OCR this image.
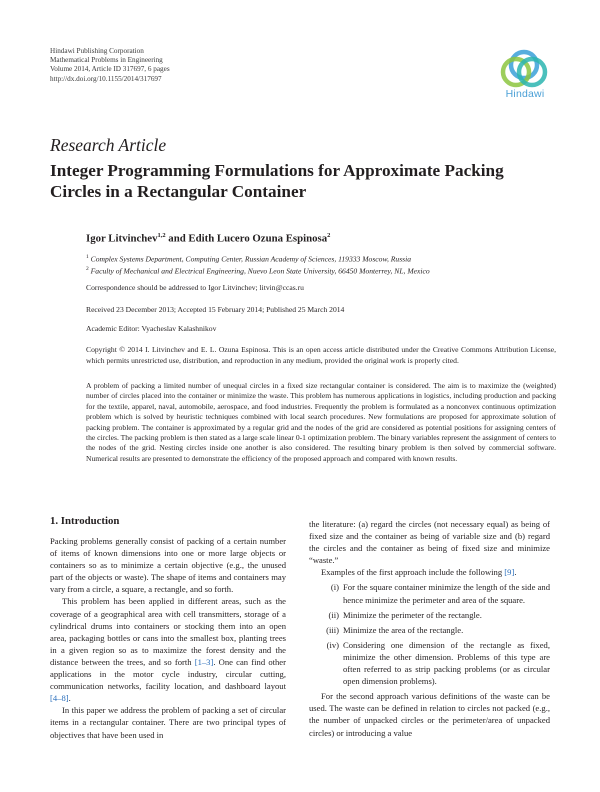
Hindawi Publishing Corporation
Mathematical Problems in Engineering
Volume 2014, Article ID 317697, 6 pages
http://dx.doi.org/10.1155/2014/317697
Hindawi
Research Article
Integer Programming Formulations for Approximate Packing
Circles in a Rectangular Container
Igor Litvinchev$^{1,2}$ and Edith Lucero Ozuna Espinosa$^2$
$^1$ Complex Systems Department, Computing Center, Russian Academy of Sciences, 119333 Moscow, Russia
$^2$ Faculty of Mechanical and Electrical Engineering, Nuevo Leon State University, 66450 Monterrey, NL, Mexico
Correspondence should be addressed to Igor Litvinchev; litvin@ccas.ru
Received 23 December 2013; Accepted 15 February 2014; Published 25 March 2014
Academic Editor: Vyacheslav Kalashnikov
Copyright © 2014 I. Litvinchev and E. L. Ozuna Espinosa. This is an open access article distributed under the Creative Commons Attribution License, which permits unrestricted use, distribution, and reproduction in any medium, provided the original work is properly cited.
A problem of packing a limited number of unequal circles in a fixed size rectangular container is considered. The aim is to maximize the (weighted) number of circles placed into the container or minimize the waste. This problem has numerous applications in logistics, including production and packing for the textile, apparel, naval, automobile, aerospace, and food industries. Frequently the problem is formulated as a nonconvex continuous optimization problem which is solved by heuristic techniques combined with local search procedures. New formulations are proposed for approximate solution of packing problem. The container is approximated by a regular grid and the nodes of the grid are considered as potential positions for assigning centers of the circles. The packing problem is then stated as a large scale linear 0-1 optimization problem. The binary variables represent the assignment of centers to the nodes of the grid. Nesting circles inside one another is also considered. The resulting binary problem is then solved by commercial software. Numerical results are presented to demonstrate the efficiency of the proposed approach and compared with known results.
1. Introduction

Packing problems generally consist of packing of a certain number of items of known dimensions into one or more large objects or containers so as to minimize a certain objective (e.g., the unused part of the objects or waste). The shape of items and containers may vary from a circle, a square, a rectangle, and so forth.

This problem has been applied in different areas, such as the coverage of a geographical area with cell transmitters, storage of a cylindrical drums into containers or stocking them into an open area, packaging bottles or cans into the smallest box, planting trees in a given region so as to maximize the forest density and the distance between the trees, and so forth [1–3]. One can find other applications in the motor cycle industry, circular cutting, communication networks, facility location, and dashboard layout [4–8].

In this paper we address the problem of packing a set of circular items in a rectangular container. There are two principal types of objectives that have been used in

the literature: (a) regard the circles (not necessary equal) as being of fixed size and the container as being of variable size and (b) regard the circles and the container as being of fixed size and minimize “waste.”

Examples of the first approach include the following [9].

(i) For the square container minimize the length of the side and hence minimize the perimeter and area of the square.
(ii) Minimize the perimeter of the rectangle.
(iii) Minimize the area of the rectangle.
(iv) Considering one dimension of the rectangle as fixed, minimize the other dimension. Problems of this type are often referred to as strip packing problems (or as circular open dimension problems).

For the second approach various definitions of the waste can be used. The waste can be defined in relation to circles not packed (e.g., the number of unpacked circles or the perimeter/area of unpacked circles) or introducing a value
